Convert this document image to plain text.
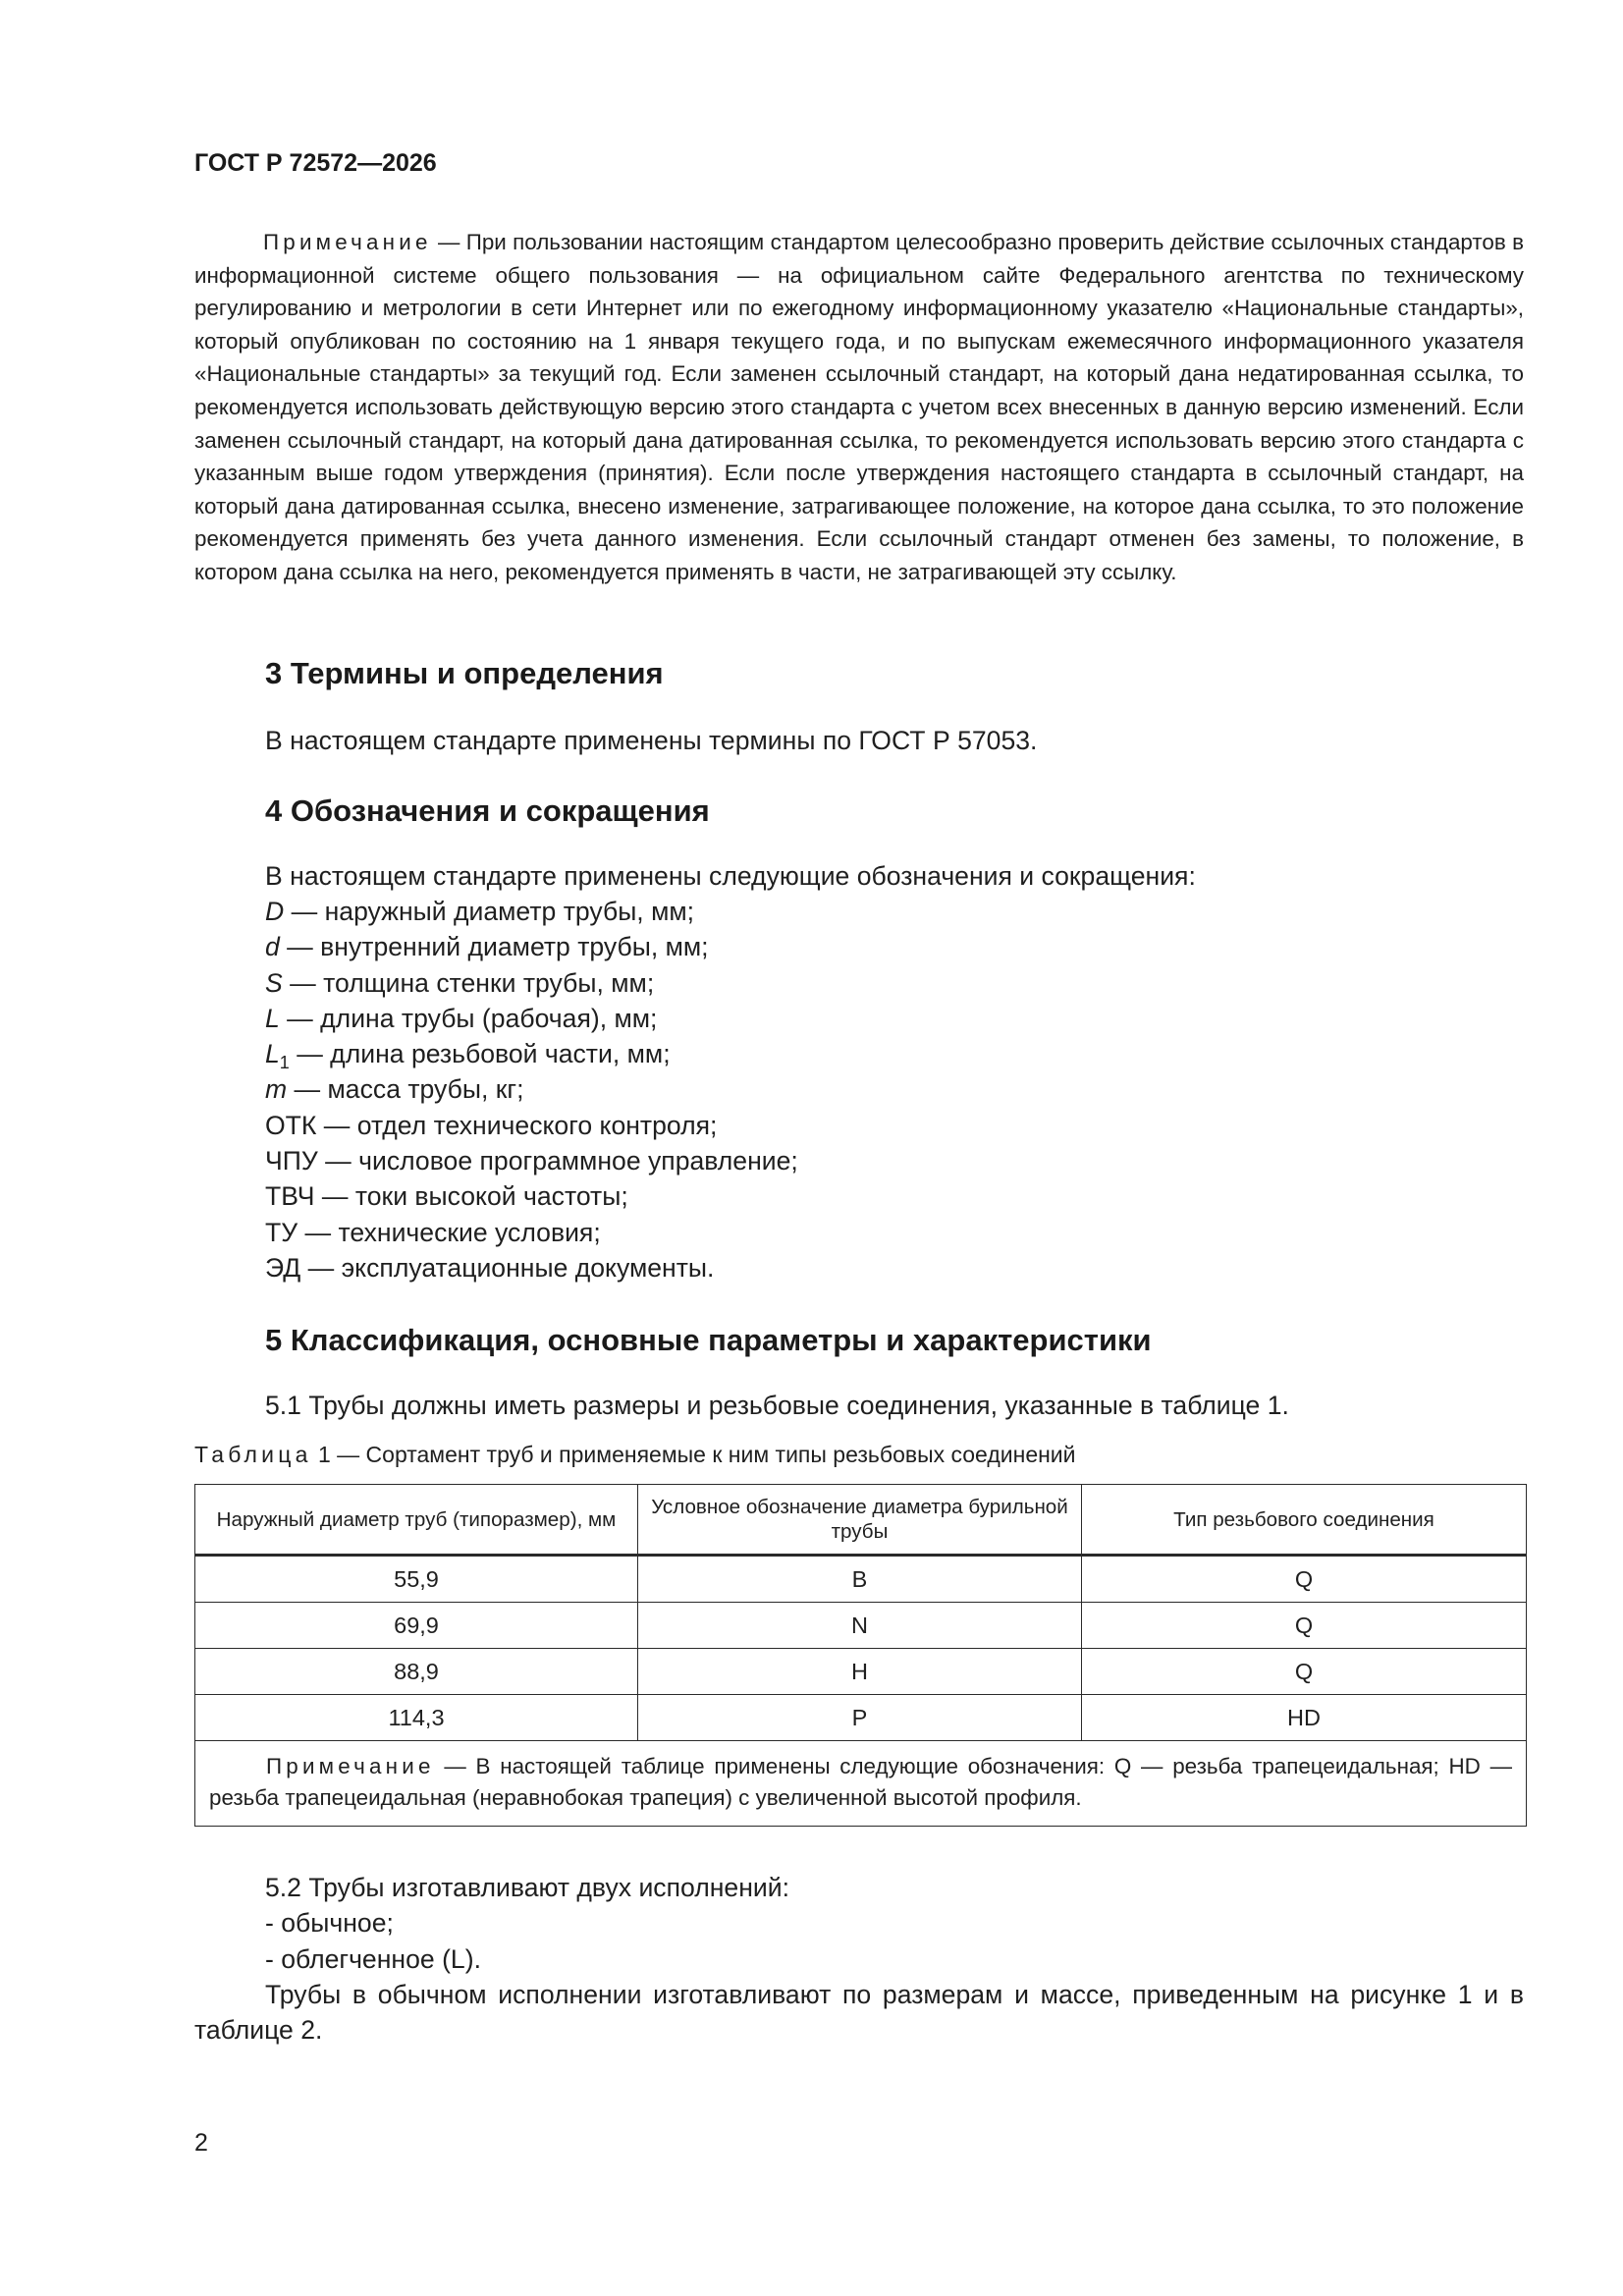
ГОСТ Р 72572—2026
Примечание — При пользовании настоящим стандартом целесообразно проверить действие ссылочных стандартов в информационной системе общего пользования — на официальном сайте Федерального агентства по техническому регулированию и метрологии в сети Интернет или по ежегодному информационному указателю «Национальные стандарты», который опубликован по состоянию на 1 января текущего года, и по выпускам ежемесячного информационного указателя «Национальные стандарты» за текущий год. Если заменен ссылочный стандарт, на который дана недатированная ссылка, то рекомендуется использовать действующую версию этого стандарта с учетом всех внесенных в данную версию изменений. Если заменен ссылочный стандарт, на который дана датированная ссылка, то рекомендуется использовать версию этого стандарта с указанным выше годом утверждения (принятия). Если после утверждения настоящего стандарта в ссылочный стандарт, на который дана датированная ссылка, внесено изменение, затрагивающее положение, на которое дана ссылка, то это положение рекомендуется применять без учета данного изменения. Если ссылочный стандарт отменен без замены, то положение, в котором дана ссылка на него, рекомендуется применять в части, не затрагивающей эту ссылку.
3 Термины и определения
В настоящем стандарте применены термины по ГОСТ Р 57053.
4 Обозначения и сокращения
В настоящем стандарте применены следующие обозначения и сокращения:
D — наружный диаметр трубы, мм;
d — внутренний диаметр трубы, мм;
S — толщина стенки трубы, мм;
L — длина трубы (рабочая), мм;
$L_1$ — длина резьбовой части, мм;
m — масса трубы, кг;
ОТК — отдел технического контроля;
ЧПУ — числовое программное управление;
ТВЧ — токи высокой частоты;
ТУ — технические условия;
ЭД — эксплуатационные документы.
5 Классификация, основные параметры и характеристики
5.1 Трубы должны иметь размеры и резьбовые соединения, указанные в таблице 1.
Таблица 1 — Сортамент труб и применяемые к ним типы резьбовых соединений
Наружный диаметр труб (типоразмер), мм	Условное обозначение диаметра бурильной трубы	Тип резьбового соединения
55,9	B	Q
69,9	N	Q
88,9	H	Q
114,3	P	HD
Примечание — В настоящей таблице применены следующие обозначения: Q — резьба трапецеидальная; HD — резьба трапецеидальная (неравнобокая трапеция) с увеличенной высотой профиля.		
5.2 Трубы изготавливают двух исполнений:
- обычное;
- облегченное (L).
Трубы в обычном исполнении изготавливают по размерам и массе, приведенным на рисунке 1 и в таблице 2.
2
